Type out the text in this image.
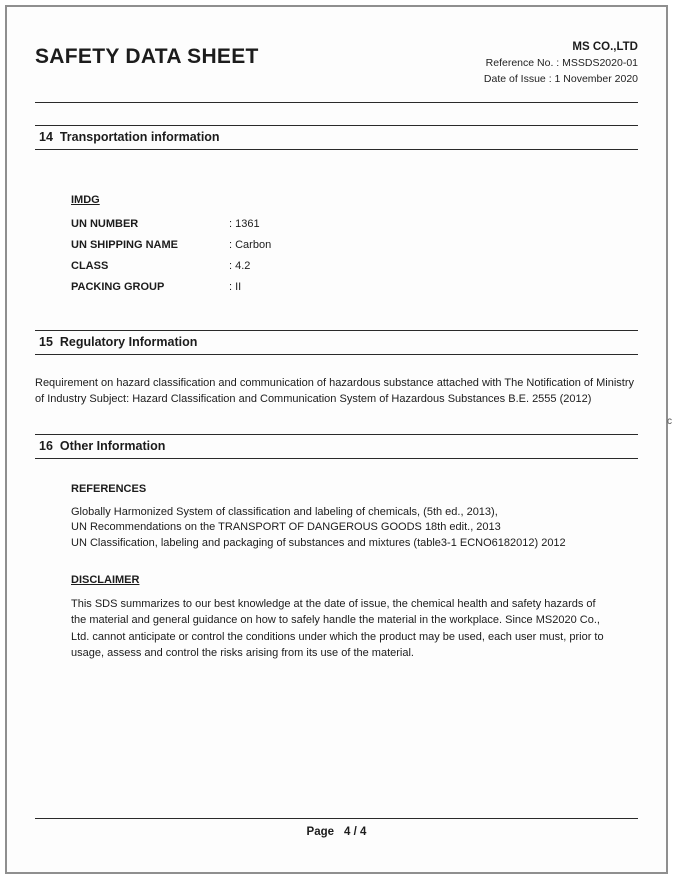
SAFETY DATA SHEET	MS CO.,LTD
Reference No. : MSSDS2020-01
Date of Issue : 1 November 2020
14  Transportation information
IMDG
UN NUMBER	: 1361
UN SHIPPING NAME	: Carbon
CLASS	: 4.2
PACKING GROUP	: II
15  Regulatory Information
Requirement on hazard classification and communication of hazardous substance attached with The Notification of Ministry of Industry Subject: Hazard Classification and Communication System of Hazardous Substances B.E. 2555 (2012)
16  Other Information
REFERENCES
Globally Harmonized System of classification and labeling of chemicals, (5th ed., 2013),
UN Recommendations on the TRANSPORT OF DANGEROUS GOODS 18th edit., 2013
UN Classification, labeling and packaging of substances and mixtures (table3-1 ECNO6182012) 2012
DISCLAIMER
This SDS summarizes to our best knowledge at the date of issue, the chemical health and safety hazards of the material and general guidance on how to safely handle the material in the workplace. Since MS2020 Co., Ltd. cannot anticipate or control the conditions under which the product may be used, each user must, prior to usage, assess and control the risks arising from its use of the material.
Page 4 / 4
c
